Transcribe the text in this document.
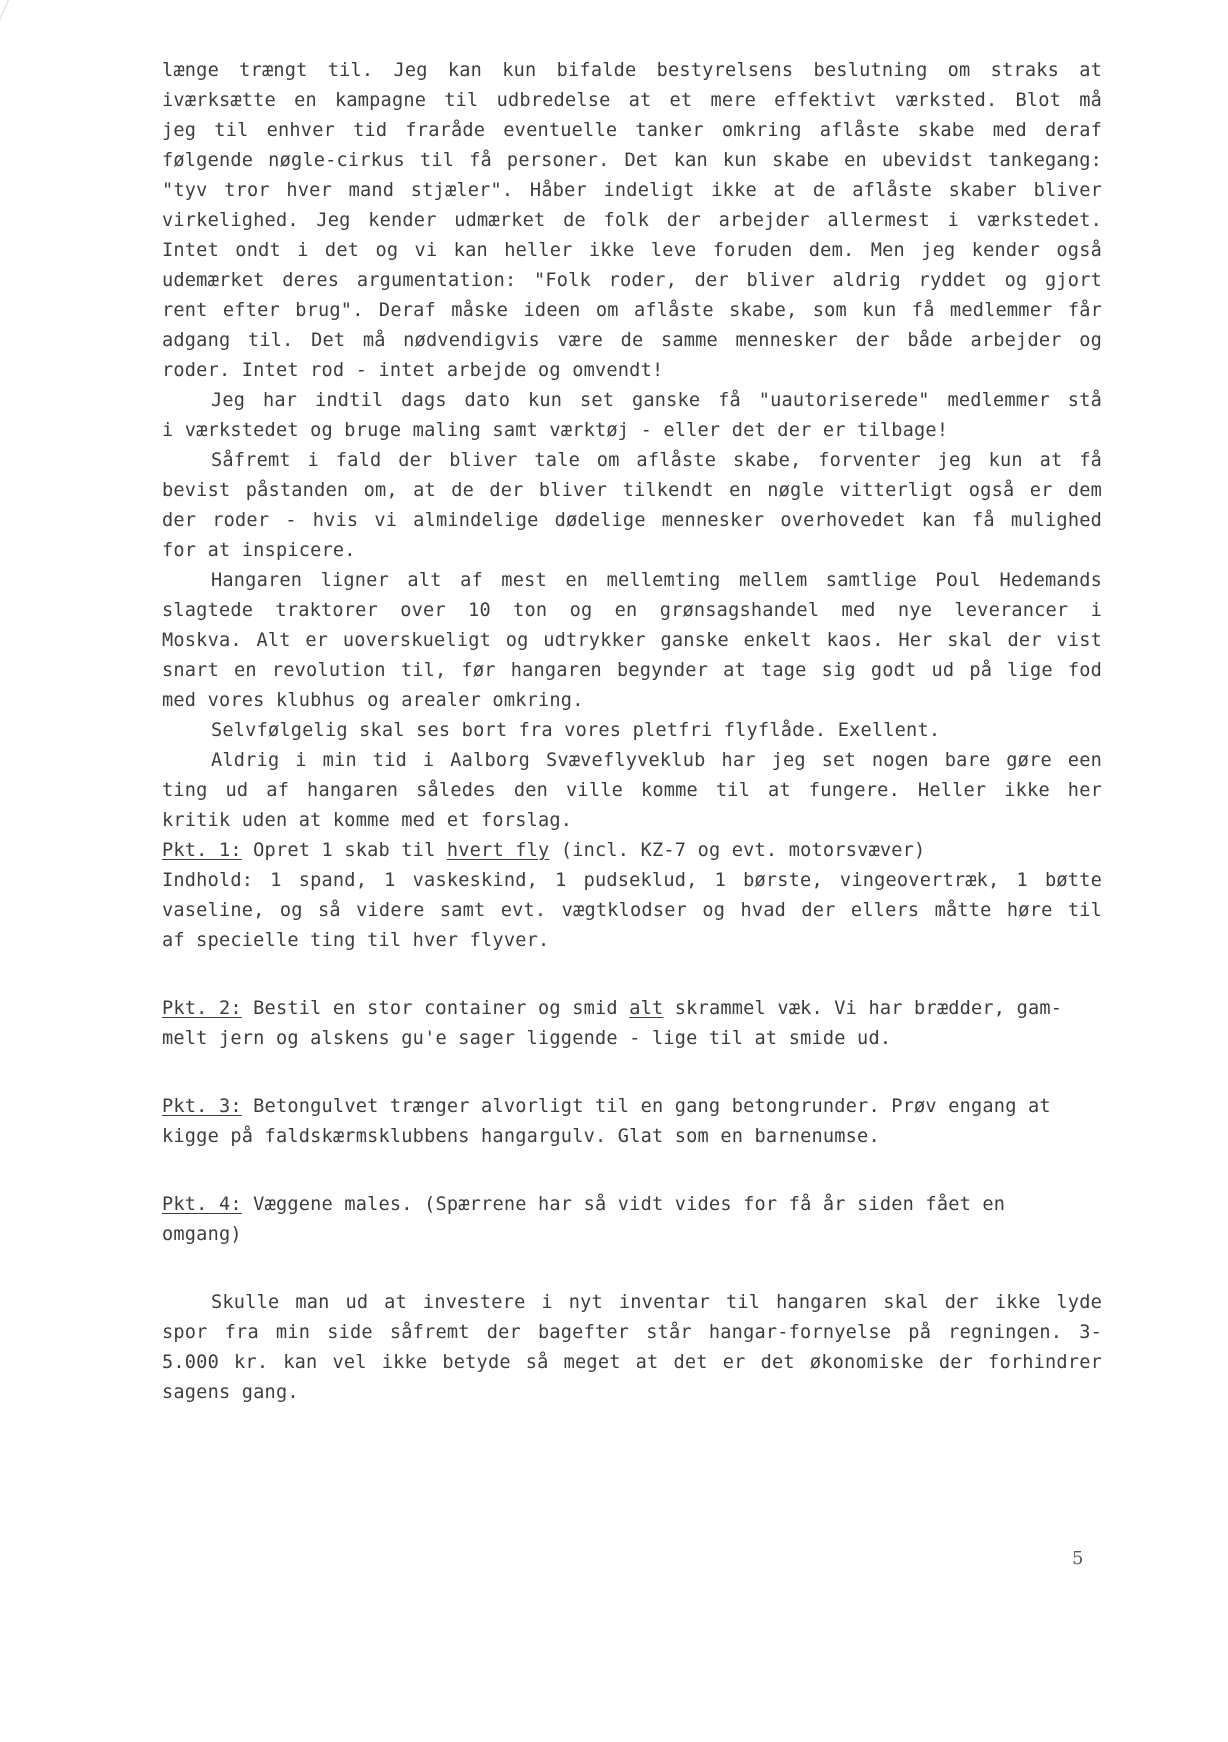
længe trængt til. Jeg kan kun bifalde bestyrelsens beslutning om straks at
iværksætte en kampagne til udbredelse at et mere effektivt værksted. Blot må
jeg til enhver tid fraråde eventuelle tanker omkring aflåste skabe med deraf
følgende nøgle-cirkus til få personer. Det kan kun skabe en ubevidst tankegang:
"tyv tror hver mand stjæler". Håber indeligt ikke at de aflåste skaber bliver
virkelighed. Jeg kender udmærket de folk der arbejder allermest i værkstedet.
Intet ondt i det og vi kan heller ikke leve foruden dem. Men jeg kender også
udemærket deres argumentation: "Folk roder, der bliver aldrig ryddet og gjort
rent efter brug". Deraf måske ideen om aflåste skabe, som kun få medlemmer får
adgang til. Det må nødvendigvis være de samme mennesker der både arbejder og
roder. Intet rod - intet arbejde og omvendt!
Jeg har indtil dags dato kun set ganske få "uautoriserede" medlemmer stå
i værkstedet og bruge maling samt værktøj - eller det der er tilbage!
Såfremt i fald der bliver tale om aflåste skabe, forventer jeg kun at få
bevist påstanden om, at de der bliver tilkendt en nøgle vitterligt også er dem
der roder - hvis vi almindelige dødelige mennesker overhovedet kan få mulighed
for at inspicere.
Hangaren ligner alt af mest en mellemting mellem samtlige Poul Hedemands
slagtede traktorer over 10 ton og en grønsagshandel med nye leverancer i
Moskva. Alt er uoverskueligt og udtrykker ganske enkelt kaos. Her skal der vist
snart en revolution til, før hangaren begynder at tage sig godt ud på lige fod
med vores klubhus og arealer omkring.
Selvfølgelig skal ses bort fra vores pletfri flyflåde. Exellent.
Aldrig i min tid i Aalborg Svæveflyveklub har jeg set nogen bare gøre een
ting ud af hangaren således den ville komme til at fungere. Heller ikke her
kritik uden at komme med et forslag.
Pkt. 1: Opret 1 skab til hvert fly (incl. KZ-7 og evt. motorsvæver)
Indhold: 1 spand, 1 vaskeskind, 1 pudseklud, 1 børste, vingeovertræk, 1 bøtte
vaseline, og så videre samt evt. vægtklodser og hvad der ellers måtte høre til
af specielle ting til hver flyver.
Pkt. 2: Bestil en stor container og smid alt skrammel væk. Vi har brædder, gam-
melt jern og alskens gu'e sager liggende - lige til at smide ud.
Pkt. 3: Betongulvet trænger alvorligt til en gang betongrunder. Prøv engang at
kigge på faldskærmsklubbens hangargulv. Glat som en barnenumse.
Pkt. 4: Væggene males. (Spærrene har så vidt vides for få år siden fået en
omgang)
Skulle man ud at investere i nyt inventar til hangaren skal der ikke lyde
spor fra min side såfremt der bagefter står hangar-fornyelse på regningen. 3-
5.000 kr. kan vel ikke betyde så meget at det er det økonomiske der forhindrer
sagens gang.
5
